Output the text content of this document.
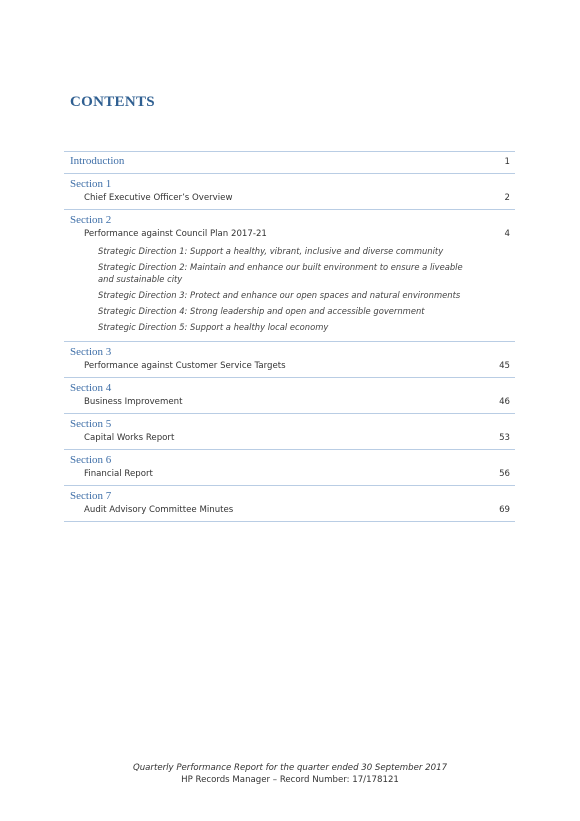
CONTENTS
Introduction	1
Section 1
Chief Executive Officer’s Overview	2
Section 2
Performance against Council Plan 2017-21	4
Strategic Direction 1: Support a healthy, vibrant, inclusive and diverse community
Strategic Direction 2: Maintain and enhance our built environment to ensure a liveable and sustainable city
Strategic Direction 3: Protect and enhance our open spaces and natural environments
Strategic Direction 4: Strong leadership and open and accessible government
Strategic Direction 5: Support a healthy local economy
Section 3
Performance against Customer Service Targets	45
Section 4
Business Improvement	46
Section 5
Capital Works Report	53
Section 6
Financial Report	56
Section 7
Audit Advisory Committee Minutes	69
Quarterly Performance Report for the quarter ended 30 September 2017
HP Records Manager – Record Number: 17/178121
